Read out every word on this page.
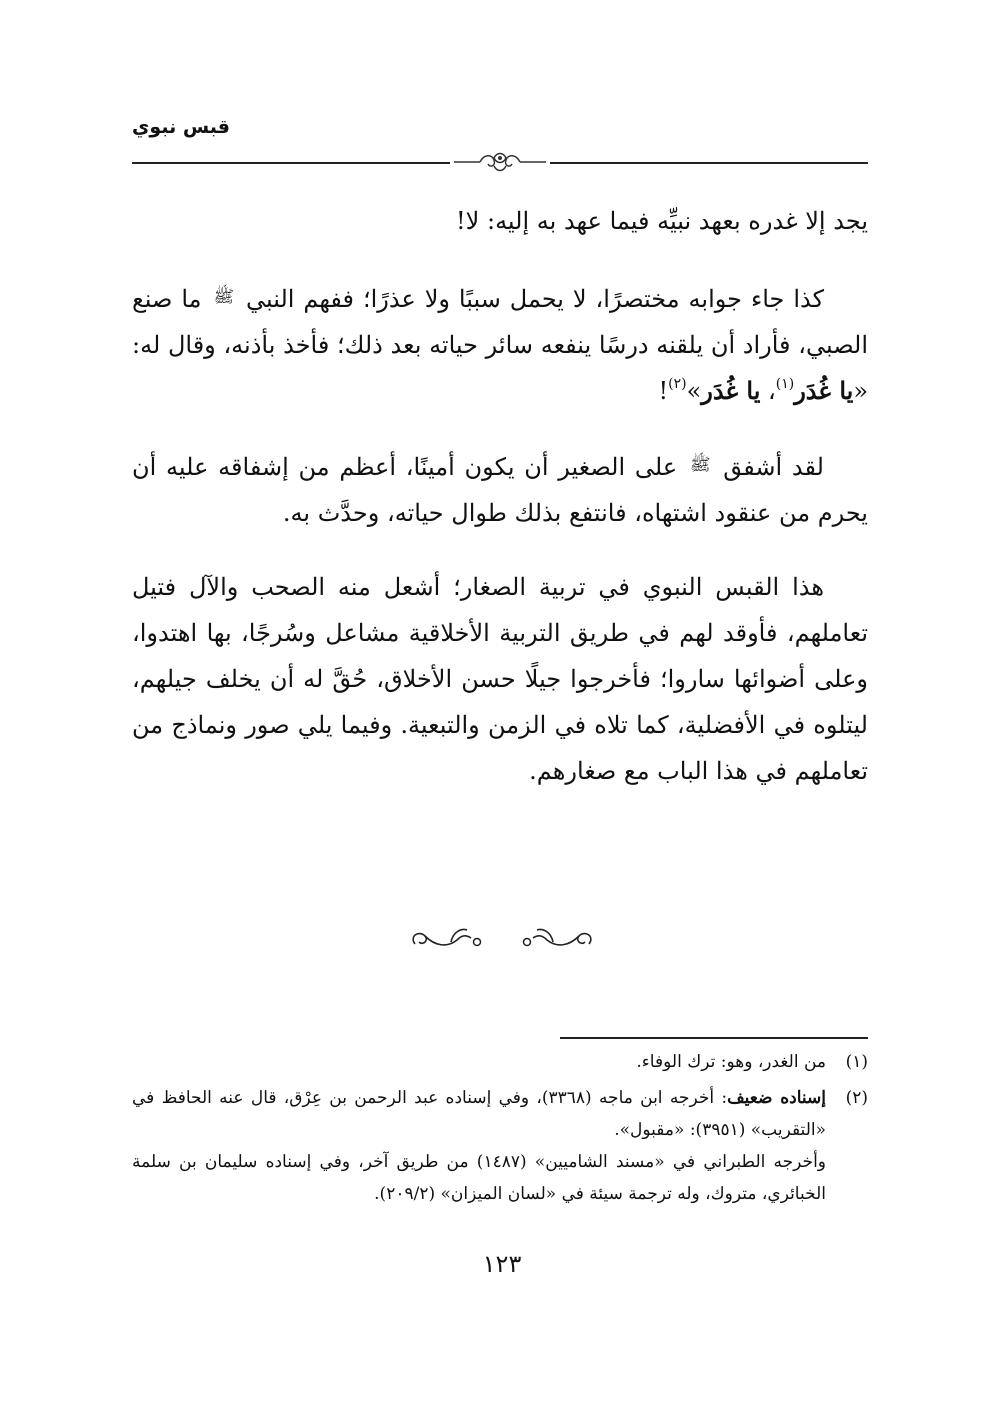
قبس نبوي

يجد إلا غدره بعهد نبيِّه فيما عهد به إليه: لا!

كذا جاء جوابه مختصرًا، لا يحمل سببًا ولا عذرًا؛ ففهم النبي $^ﷺ$ ما صنع الصبي، فأراد أن يلقنه درسًا ينفعه سائر حياته بعد ذلك؛ فأخذ بأذنه، وقال له: «يا غُدَر$^{(١)}$، يا غُدَر»$^{(٢)}$!

لقد أشفق $^ﷺ$ على الصغير أن يكون أمينًا، أعظم من إشفاقه عليه أن يحرم من عنقود اشتهاه، فانتفع بذلك طوال حياته، وحدَّث به.

هذا القبس النبوي في تربية الصغار؛ أشعل منه الصحب والآل فتيل تعاملهم، فأوقد لهم في طريق التربية الأخلاقية مشاعل وسُرجًا، بها اهتدوا، وعلى أضوائها ساروا؛ فأخرجوا جيلًا حسن الأخلاق، حُقَّ له أن يخلف جيلهم، ليتلوه في الأفضلية، كما تلاه في الزمن والتبعية. وفيما يلي صور ونماذج من تعاملهم في هذا الباب مع صغارهم.

(١)
من الغدر، وهو: ترك الوفاء.
(٢)
إسناده ضعيف: أخرجه ابن ماجه (٣٣٦٨)، وفي إسناده عبد الرحمن بن عِرْق، قال عنه الحافظ في «التقريب» (٣٩٥١): «مقبول».
وأخرجه الطبراني في «مسند الشاميين» (١٤٨٧) من طريق آخر، وفي إسناده سليمان بن سلمة الخبائري، متروك، وله ترجمة سيئة في «لسان الميزان» (٢٠٩/٢).
١٢٣
